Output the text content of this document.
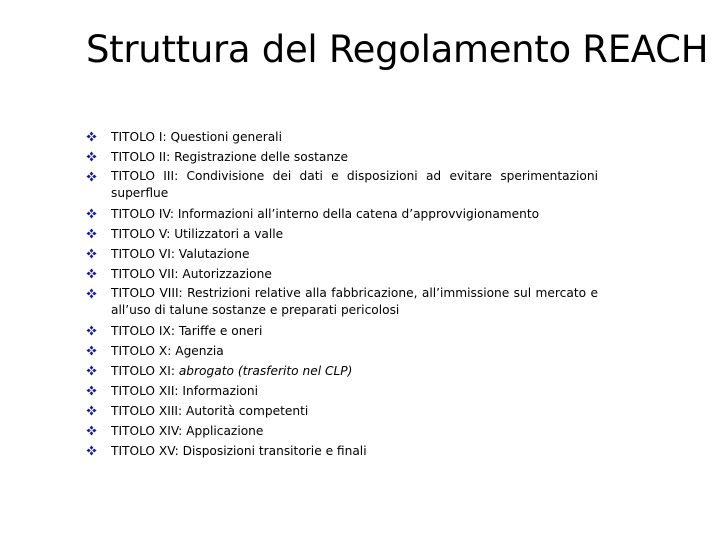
Struttura del Regolamento REACH
TITOLO I: Questioni generali
TITOLO II: Registrazione delle sostanze
TITOLO III: Condivisione dei dati e disposizioni ad evitare sperimentazioni superflue
TITOLO IV: Informazioni all’interno della catena d’approvvigionamento
TITOLO V: Utilizzatori a valle
TITOLO VI: Valutazione
TITOLO VII: Autorizzazione
TITOLO VIII: Restrizioni relative alla fabbricazione, all’immissione sul mercato e all’uso di talune sostanze e preparati pericolosi
TITOLO IX: Tariffe e oneri
TITOLO X: Agenzia
TITOLO XI: abrogato (trasferito nel CLP)
TITOLO XII: Informazioni
TITOLO XIII: Autorità competenti
TITOLO XIV: Applicazione
TITOLO XV: Disposizioni transitorie e finali
